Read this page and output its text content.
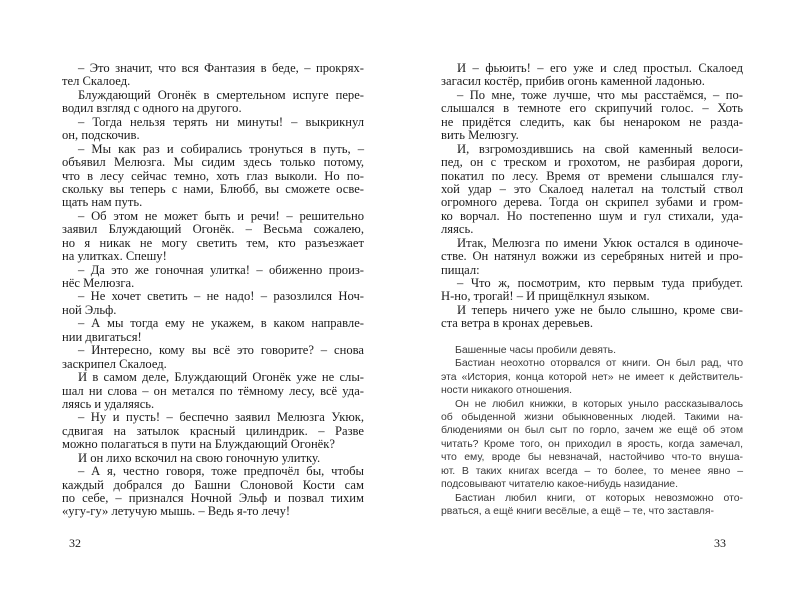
– Это значит, что вся Фантазия в беде, – прокрях-
тел Скалоед.
Блуждающий Огонёк в смертельном испуге пере-
водил взгляд с одного на другого.
– Тогда нельзя терять ни минуты! – выкрикнул
он, подскочив.
– Мы как раз и собирались тронуться в путь, –
объявил Мелюзга. Мы сидим здесь только потому,
что в лесу сейчас темно, хоть глаз выколи. Но по-
скольку вы теперь с нами, Блюбб, вы сможете осве-
щать нам путь.
– Об этом не может быть и речи! – решительно
заявил Блуждающий Огонёк. – Весьма сожалею,
но я никак не могу светить тем, кто разъезжает
на улитках. Спешу!
– Да это же гоночная улитка! – обиженно произ-
нёс Мелюзга.
– Не хочет светить – не надо! – разозлился Ноч-
ной Эльф.
– А мы тогда ему не укажем, в каком направле-
нии двигаться!
– Интересно, кому вы всё это говорите? – снова
заскрипел Скалоед.
И в самом деле, Блуждающий Огонёк уже не слы-
шал ни слова – он метался по тёмному лесу, всё уда-
ляясь и удаляясь.
– Ну и пусть! – беспечно заявил Мелюзга Укюк,
сдвигая на затылок красный цилиндрик. – Разве
можно полагаться в пути на Блуждающий Огонёк?
И он лихо вскочил на свою гоночную улитку.
– А я, честно говоря, тоже предпочёл бы, чтобы
каждый добрался до Башни Слоновой Кости сам
по себе, – признался Ночной Эльф и позвал тихим
«угу-гу» летучую мышь. – Ведь я-то лечу!
И – фьюить! – его уже и след простыл. Скалоед
загасил костёр, прибив огонь каменной ладонью.
– По мне, тоже лучше, что мы расстаёмся, – по-
слышался в темноте его скрипучий голос. – Хоть
не придётся следить, как бы ненароком не разда-
вить Мелюзгу.
И, взгромоздившись на свой каменный велоси-
пед, он с треском и грохотом, не разбирая дороги,
покатил по лесу. Время от времени слышался глу-
хой удар – это Скалоед налетал на толстый ствол
огромного дерева. Тогда он скрипел зубами и гром-
ко ворчал. Но постепенно шум и гул стихали, уда-
ляясь.
Итак, Мелюзга по имени Укюк остался в одиноче-
стве. Он натянул вожжи из серебряных нитей и про-
пищал:
– Что ж, посмотрим, кто первым туда прибудет.
Н-но, трогай! – И прищёлкнул языком.
И теперь ничего уже не было слышно, кроме сви-
ста ветра в кронах деревьев.
Башенные часы пробили девять.
Бастиан неохотно оторвался от книги. Он был рад, что
эта «История, конца которой нет» не имеет к действитель-
ности никакого отношения.
Он не любил книжки, в которых уныло рассказывалось
об обыденной жизни обыкновенных людей. Такими на-
блюдениями он был сыт по горло, зачем же ещё об этом
читать? Кроме того, он приходил в ярость, когда замечал,
что ему, вроде бы невзначай, настойчиво что-то внуша-
ют. В таких книгах всегда – то более, то менее явно –
подсовывают читателю какое-нибудь назидание.
Бастиан любил книги, от которых невозможно ото-
рваться, а ещё книги весёлые, а ещё – те, что заставля-
32	33
